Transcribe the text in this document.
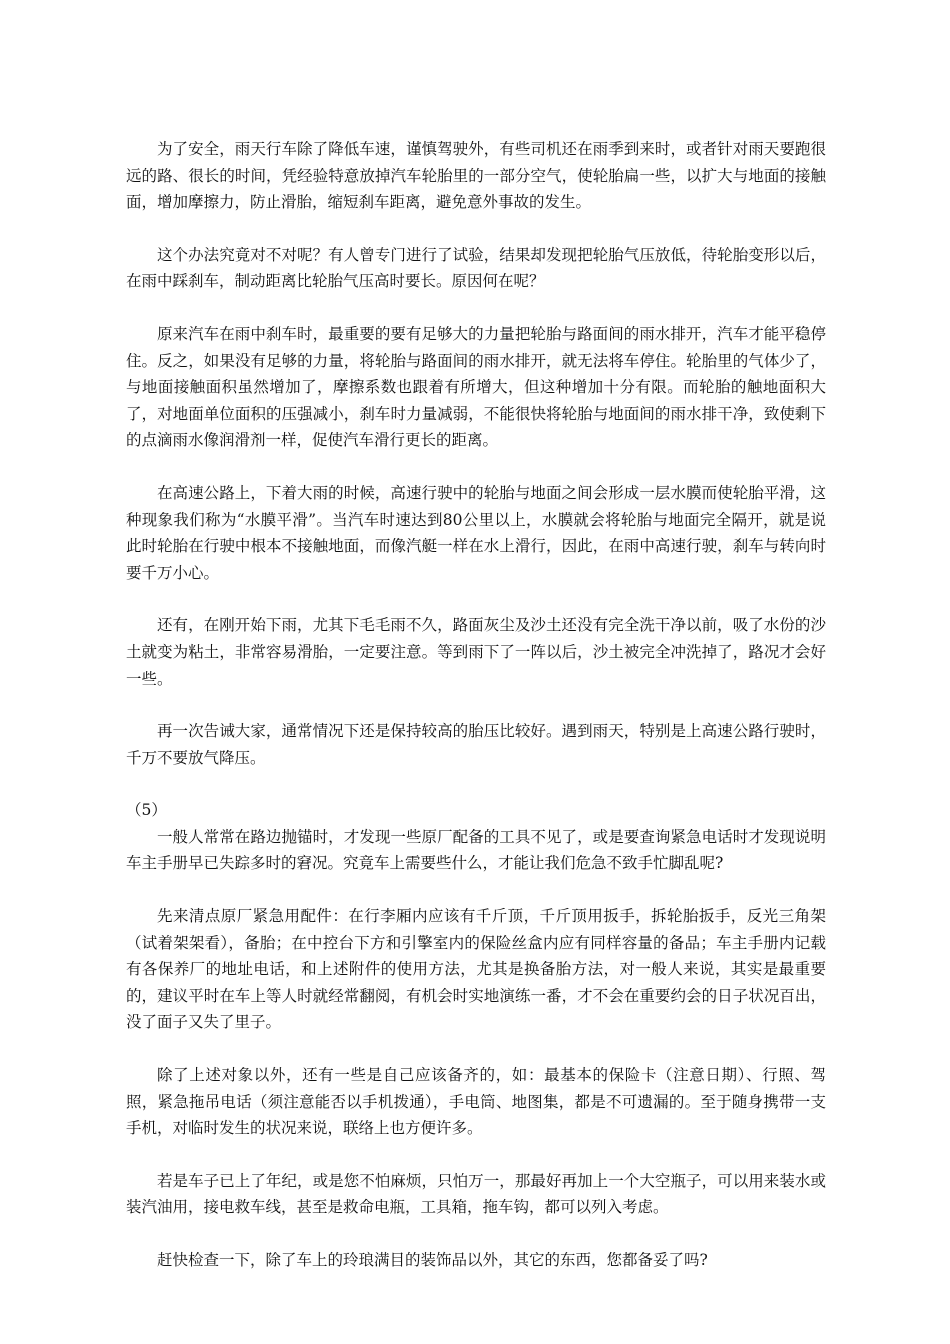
为了安全，雨天行车除了降低车速，谨慎驾驶外，有些司机还在雨季到来时，或者针对雨天要跑很远的路、很长的时间，凭经验特意放掉汽车轮胎里的一部分空气，使轮胎扁一些，以扩大与地面的接触面，增加摩擦力，防止滑胎，缩短刹车距离，避免意外事故的发生。

这个办法究竟对不对呢？有人曾专门进行了试验，结果却发现把轮胎气压放低，待轮胎变形以后，在雨中踩刹车，制动距离比轮胎气压高时要长。原因何在呢？

原来汽车在雨中刹车时，最重要的要有足够大的力量把轮胎与路面间的雨水排开，汽车才能平稳停住。反之，如果没有足够的力量，将轮胎与路面间的雨水排开，就无法将车停住。轮胎里的气体少了，与地面接触面积虽然增加了，摩擦系数也跟着有所增大，但这种增加十分有限。而轮胎的触地面积大了，对地面单位面积的压强减小，刹车时力量减弱，不能很快将轮胎与地面间的雨水排干净，致使剩下的点滴雨水像润滑剂一样，促使汽车滑行更长的距离。

在高速公路上，下着大雨的时候，高速行驶中的轮胎与地面之间会形成一层水膜而使轮胎平滑，这种现象我们称为“水膜平滑”。当汽车时速达到80公里以上，水膜就会将轮胎与地面完全隔开，就是说此时轮胎在行驶中根本不接触地面，而像汽艇一样在水上滑行，因此，在雨中高速行驶，刹车与转向时要千万小心。

还有，在刚开始下雨，尤其下毛毛雨不久，路面灰尘及沙土还没有完全洗干净以前，吸了水份的沙土就变为粘土，非常容易滑胎，一定要注意。等到雨下了一阵以后，沙土被完全冲洗掉了，路况才会好一些。

再一次告诫大家，通常情况下还是保持较高的胎压比较好。遇到雨天，特别是上高速公路行驶时，千万不要放气降压。

（5）

一般人常常在路边抛锚时，才发现一些原厂配备的工具不见了，或是要查询紧急电话时才发现说明车主手册早已失踪多时的窘况。究竟车上需要些什么，才能让我们危急不致手忙脚乱呢?

先来清点原厂紧急用配件：在行李厢内应该有千斤顶，千斤顶用扳手，拆轮胎扳手，反光三角架（试着架架看），备胎；在中控台下方和引擎室内的保险丝盒内应有同样容量的备品；车主手册内记载有各保养厂的地址电话，和上述附件的使用方法，尤其是换备胎方法，对一般人来说，其实是最重要的，建议平时在车上等人时就经常翻阅，有机会时实地演练一番，才不会在重要约会的日子状况百出，没了面子又失了里子。

除了上述对象以外，还有一些是自己应该备齐的，如：最基本的保险卡（注意日期）、行照、驾照，紧急拖吊电话（须注意能否以手机拨通），手电筒、地图集，都是不可遗漏的。至于随身携带一支手机，对临时发生的状况来说，联络上也方便许多。

若是车子已上了年纪，或是您不怕麻烦，只怕万一，那最好再加上一个大空瓶子，可以用来装水或装汽油用，接电救车线，甚至是救命电瓶，工具箱，拖车钩，都可以列入考虑。

赶快检查一下，除了车上的玲琅满目的装饰品以外，其它的东西，您都备妥了吗?
